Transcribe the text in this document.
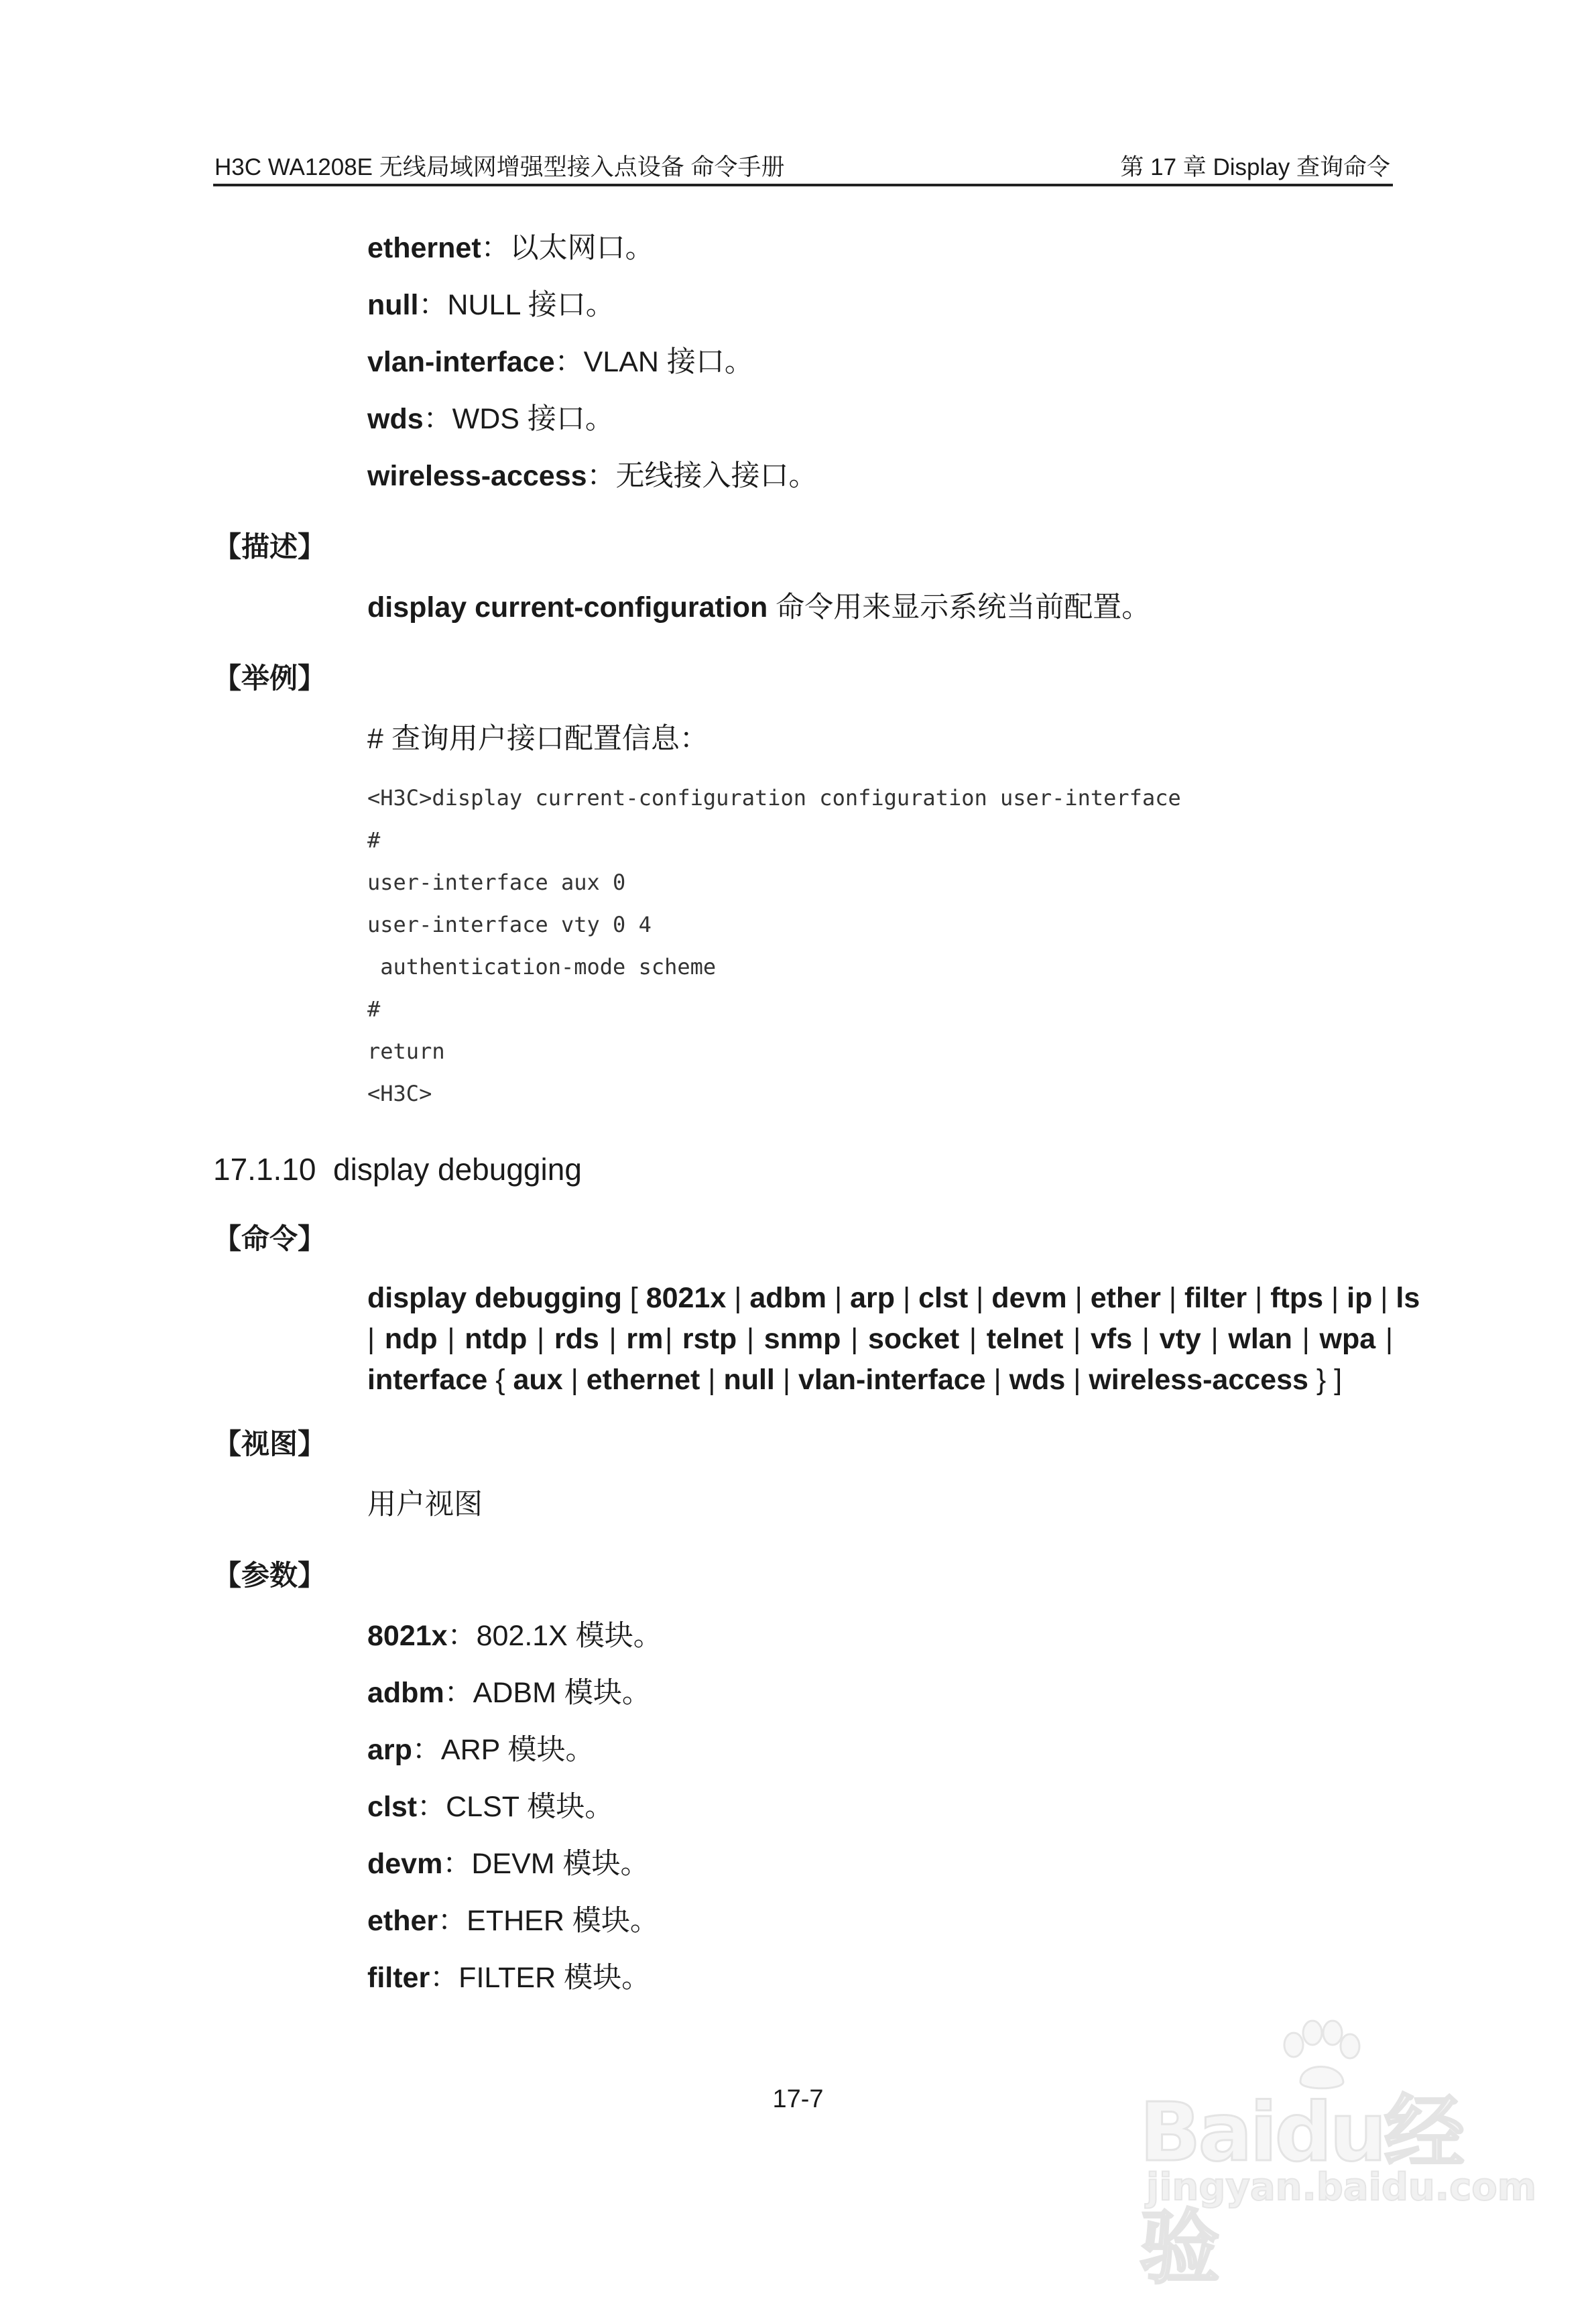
H3C WA1208E 无线局域网增强型接入点设备 命令手册	第 17 章 Display 查询命令
ethernet：以太网口。
null：NULL 接口。
vlan-interface：VLAN 接口。
wds：WDS 接口。
wireless-access：无线接入接口。
【描述】
display current-configuration 命令用来显示系统当前配置。
【举例】
# 查询用户接口配置信息：
<H3C>display current-configuration configuration user-interface
#
user-interface aux 0
user-interface vty 0 4
authentication-mode scheme
#
return
<H3C>
17.1.10 display debugging
【命令】
display debugging [ 8021x | adbm | arp | clst | devm | ether | filter | ftps | ip | ls
| ndp | ntdp | rds | rm | rstp | snmp | socket | telnet | vfs | vty | wlan | wpa |
interface { aux | ethernet | null | vlan-interface | wds | wireless-access } ]
【视图】
用户视图
【参数】
8021x：802.1X 模块。
adbm：ADBM 模块。
arp：ARP 模块。
clst：CLST 模块。
devm：DEVM 模块。
ether：ETHER 模块。
filter：FILTER 模块。
17-7	Baidu经验
jingyan.baidu.com
